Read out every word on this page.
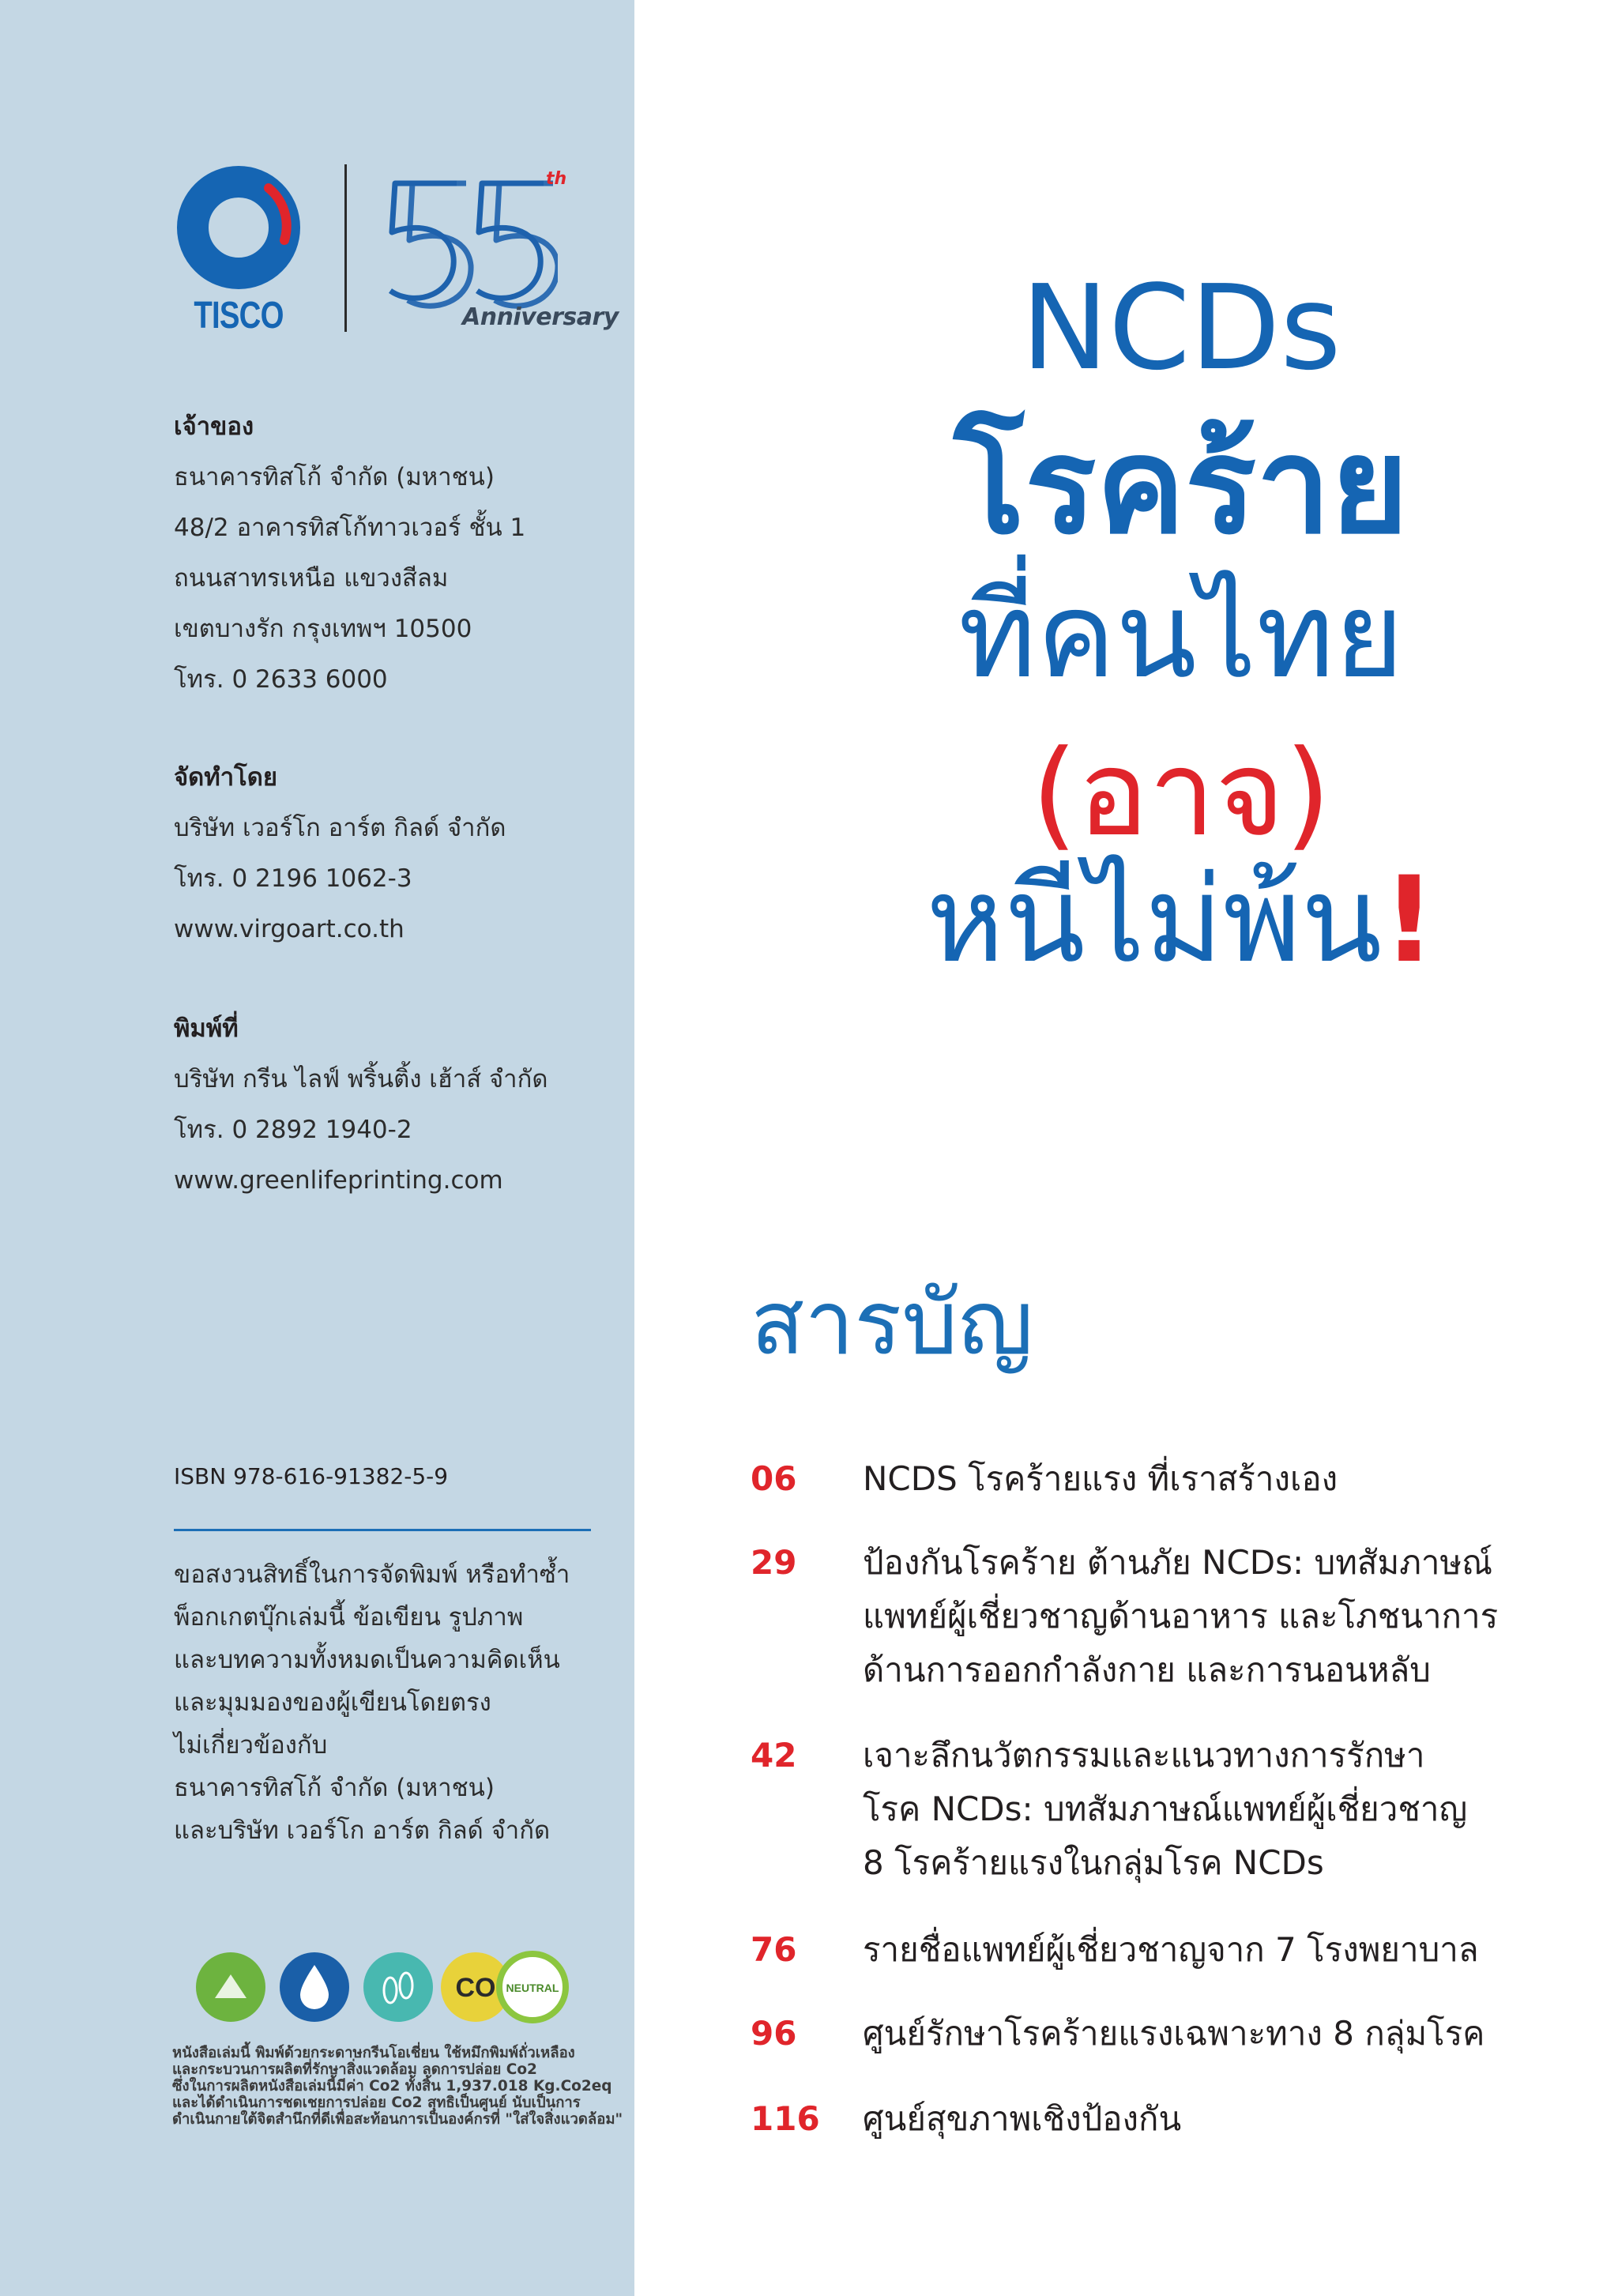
TISCO
th
Anniversary
เจ้าของ
ธนาคารทิสโก้ จำกัด (มหาชน)
48/2 อาคารทิสโก้ทาวเวอร์ ชั้น 1
ถนนสาทรเหนือ แขวงสีลม
เขตบางรัก กรุงเทพฯ 10500
โทร. 0 2633 6000
จัดทำโดย
บริษัท เวอร์โก อาร์ต กิลด์ จำกัด
โทร. 0 2196 1062-3
www.virgoart.co.th
พิมพ์ที่
บริษัท กรีน ไลฟ์ พริ้นติ้ง เฮ้าส์ จำกัด
โทร. 0 2892 1940-2
www.greenlifeprinting.com
ISBN 978-616-91382-5-9
ขอสงวนสิทธิ์ในการจัดพิมพ์ หรือทำซ้ำ
พ็อกเกตบุ๊กเล่มนี้ ข้อเขียน รูปภาพ
และบทความทั้งหมดเป็นความคิดเห็น
และมุมมองของผู้เขียนโดยตรง
ไม่เกี่ยวข้องกับ
ธนาคารทิสโก้ จำกัด (มหาชน)
และบริษัท เวอร์โก อาร์ต กิลด์ จำกัด
CO NEUTRAL
หนังสือเล่มนี้ พิมพ์ด้วยกระดาษกรีนโอเชี่ยน ใช้หมึกพิมพ์ถั่วเหลือง
และกระบวนการผลิตที่รักษาสิ่งแวดล้อม ลดการปล่อย Co2
ซึ่งในการผลิตหนังสือเล่มนี้มีค่า Co2 ทั้งสิ้น 1,937.018 Kg.Co2eq
และได้ดำเนินการชดเชยการปล่อย Co2 สุทธิเป็นศูนย์ นับเป็นการ
ดำเนินกายใต้จิตสำนึกที่ดีเพื่อสะท้อนการเป็นองค์กรที่ "ใส่ใจสิ่งแวดล้อม"
NCDs
โรคร้าย
ที่คนไทย
(อาจ)
หนีไม่พ้น!
สารบัญ
06 NCDS โรคร้ายแรง ที่เราสร้างเอง
29 ป้องกันโรคร้าย ต้านภัย NCDs: บทสัมภาษณ์
แพทย์ผู้เชี่ยวชาญด้านอาหาร และโภชนาการ
ด้านการออกกำลังกาย และการนอนหลับ
42 เจาะลึกนวัตกรรมและแนวทางการรักษา
โรค NCDs: บทสัมภาษณ์แพทย์ผู้เชี่ยวชาญ
8 โรคร้ายแรงในกลุ่มโรค NCDs
76 รายชื่อแพทย์ผู้เชี่ยวชาญจาก 7 โรงพยาบาล
96 ศูนย์รักษาโรคร้ายแรงเฉพาะทาง 8 กลุ่มโรค
116 ศูนย์สุขภาพเชิงป้องกัน
